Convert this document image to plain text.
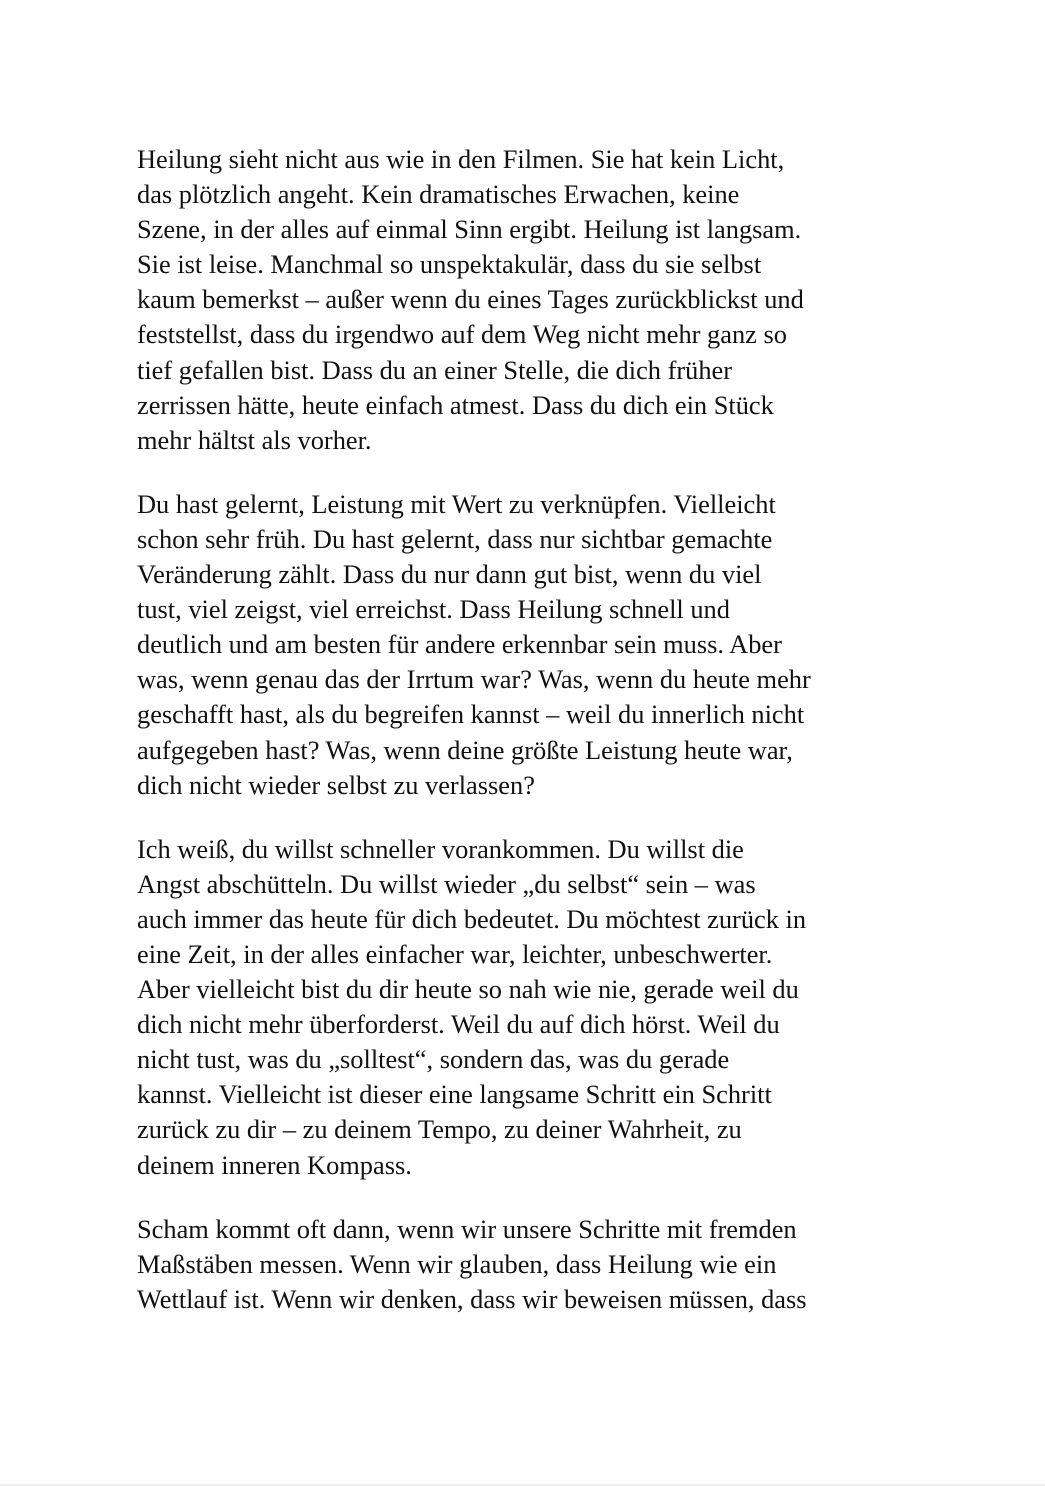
Heilung sieht nicht aus wie in den Filmen. Sie hat kein Licht,
das plötzlich angeht. Kein dramatisches Erwachen, keine
Szene, in der alles auf einmal Sinn ergibt. Heilung ist langsam.
Sie ist leise. Manchmal so unspektakulär, dass du sie selbst
kaum bemerkst – außer wenn du eines Tages zurückblickst und
feststellst, dass du irgendwo auf dem Weg nicht mehr ganz so
tief gefallen bist. Dass du an einer Stelle, die dich früher
zerrissen hätte, heute einfach atmest. Dass du dich ein Stück
mehr hältst als vorher.
Du hast gelernt, Leistung mit Wert zu verknüpfen. Vielleicht
schon sehr früh. Du hast gelernt, dass nur sichtbar gemachte
Veränderung zählt. Dass du nur dann gut bist, wenn du viel
tust, viel zeigst, viel erreichst. Dass Heilung schnell und
deutlich und am besten für andere erkennbar sein muss. Aber
was, wenn genau das der Irrtum war? Was, wenn du heute mehr
geschafft hast, als du begreifen kannst – weil du innerlich nicht
aufgegeben hast? Was, wenn deine größte Leistung heute war,
dich nicht wieder selbst zu verlassen?
Ich weiß, du willst schneller vorankommen. Du willst die
Angst abschütteln. Du willst wieder „du selbst“ sein – was
auch immer das heute für dich bedeutet. Du möchtest zurück in
eine Zeit, in der alles einfacher war, leichter, unbeschwerter.
Aber vielleicht bist du dir heute so nah wie nie, gerade weil du
dich nicht mehr überforderst. Weil du auf dich hörst. Weil du
nicht tust, was du „solltest“, sondern das, was du gerade
kannst. Vielleicht ist dieser eine langsame Schritt ein Schritt
zurück zu dir – zu deinem Tempo, zu deiner Wahrheit, zu
deinem inneren Kompass.
Scham kommt oft dann, wenn wir unsere Schritte mit fremden
Maßstäben messen. Wenn wir glauben, dass Heilung wie ein
Wettlauf ist. Wenn wir denken, dass wir beweisen müssen, dass
